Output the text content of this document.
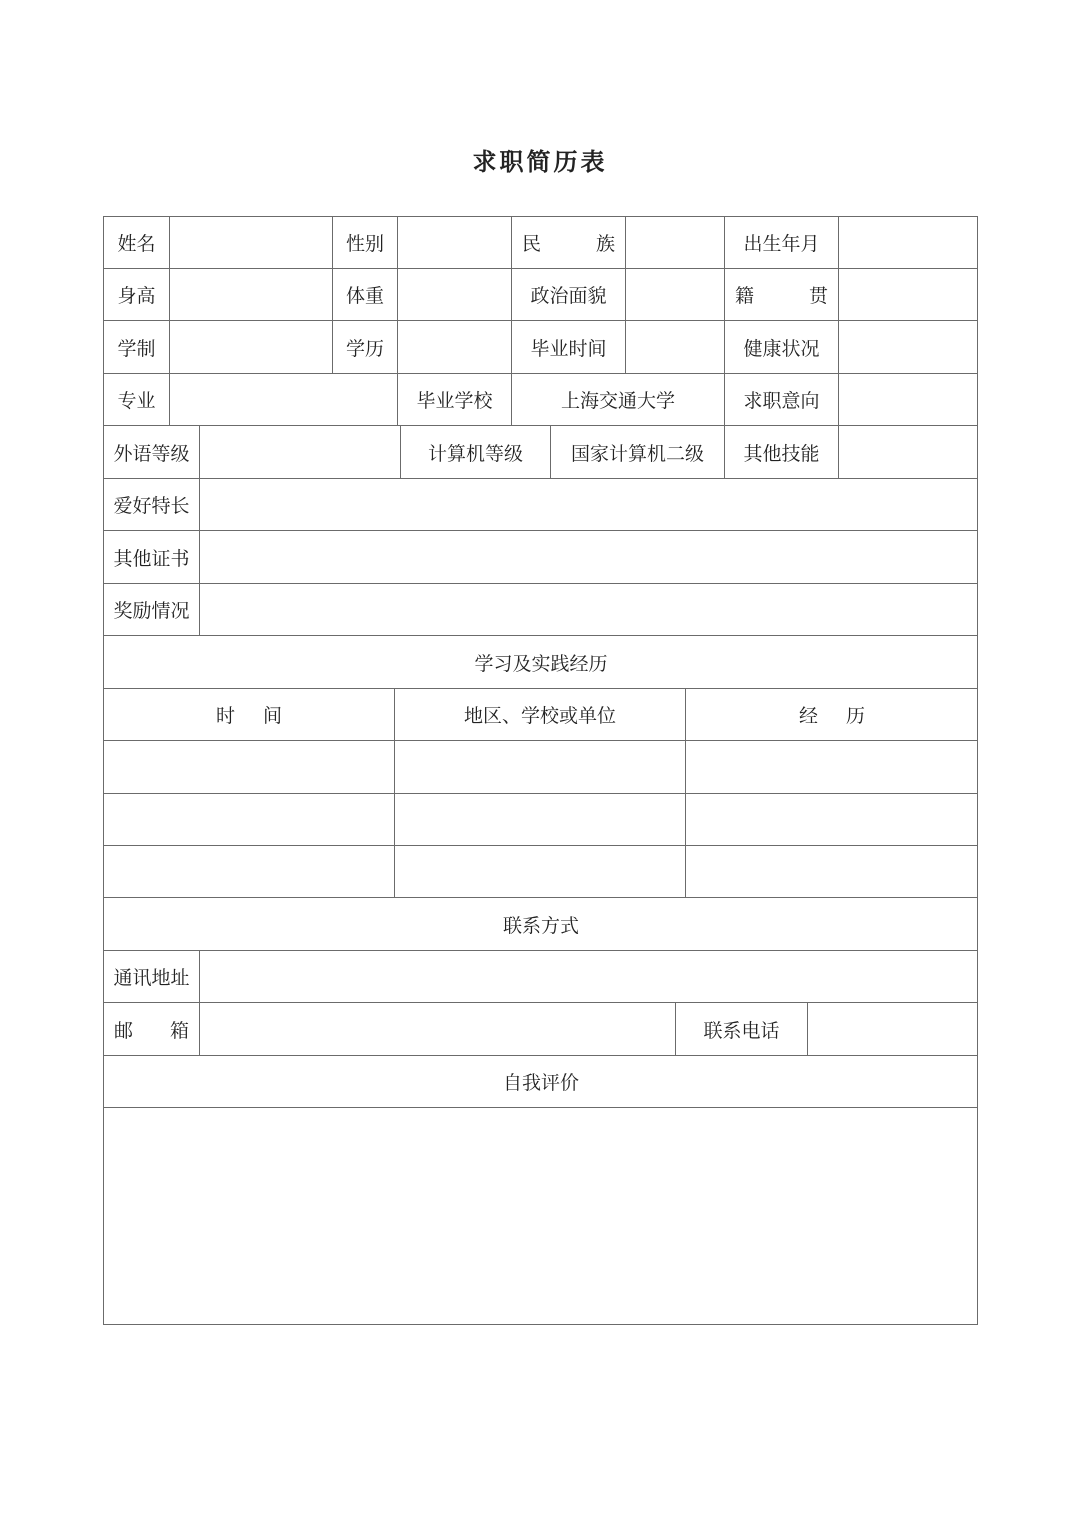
求职简历表
姓名	性别	民	族	出生年月
身高	体重	政治面貌	籍	贯
学制	学历	毕业时间	健康状况
专业	毕业学校	上海交通大学	求职意向
外语等级	计算机等级	国家计算机二级	其他技能
爱好特长
其他证书
奖励情况
学习及实践经历
时 间	地区、学校或单位	经 历
联系方式
通讯地址
邮 箱	联系电话
自我评价
